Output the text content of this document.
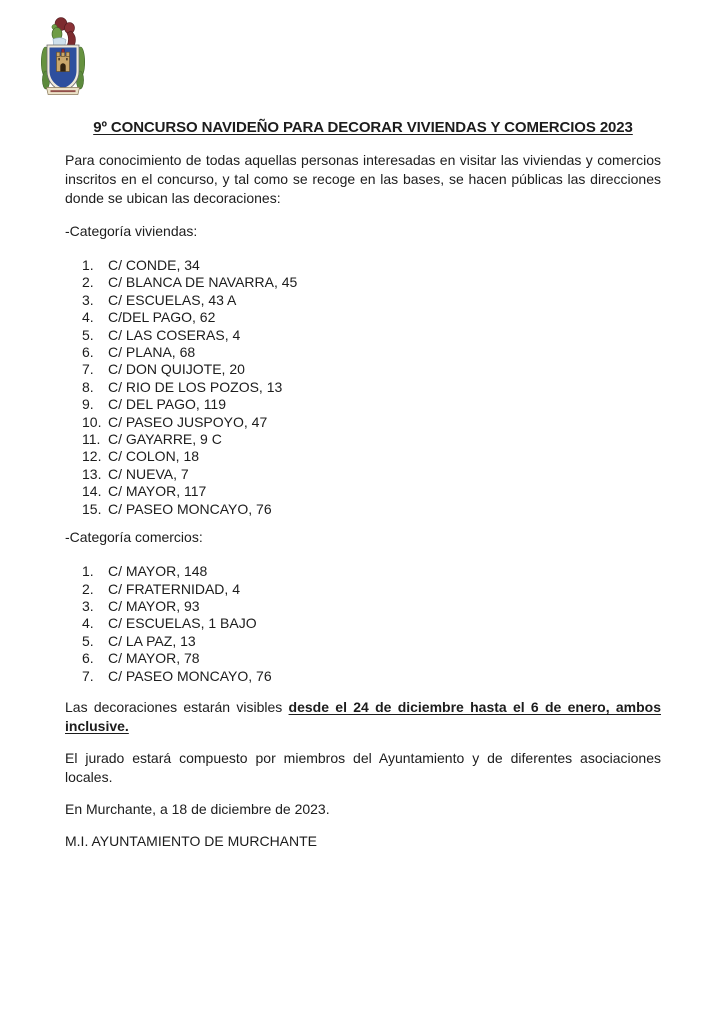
9º CONCURSO NAVIDEÑO PARA DECORAR VIVIENDAS Y COMERCIOS 2023

Para conocimiento de todas aquellas personas interesadas en visitar las viviendas y comercios inscritos en el concurso, y tal como se recoge en las bases, se hacen públicas las direcciones donde se ubican las decoraciones:

-Categoría viviendas:

1.	C/ CONDE, 34
2.	C/ BLANCA DE NAVARRA, 45
3.	C/ ESCUELAS, 43 A
4.	C/DEL PAGO, 62
5.	C/ LAS COSERAS, 4
6.	C/ PLANA, 68
7.	C/ DON QUIJOTE, 20
8.	C/ RIO DE LOS POZOS, 13
9.	C/ DEL PAGO, 119
10. C/ PASEO JUSPOYO, 47
11. C/ GAYARRE, 9 C
12. C/ COLON, 18
13. C/ NUEVA, 7
14. C/ MAYOR, 117
15. C/ PASEO MONCAYO, 76

-Categoría comercios:

1.	C/ MAYOR, 148
2.	C/ FRATERNIDAD, 4
3.	C/ MAYOR, 93
4.	C/ ESCUELAS, 1 BAJO
5.	C/ LA PAZ, 13
6.	C/ MAYOR, 78
7.	C/ PASEO MONCAYO, 76

Las decoraciones estarán visibles desde el 24 de diciembre hasta el 6 de enero, ambos inclusive.

El jurado estará compuesto por miembros del Ayuntamiento y de diferentes asociaciones locales.

En Murchante, a 18 de diciembre de 2023.

M.I. AYUNTAMIENTO DE MURCHANTE
